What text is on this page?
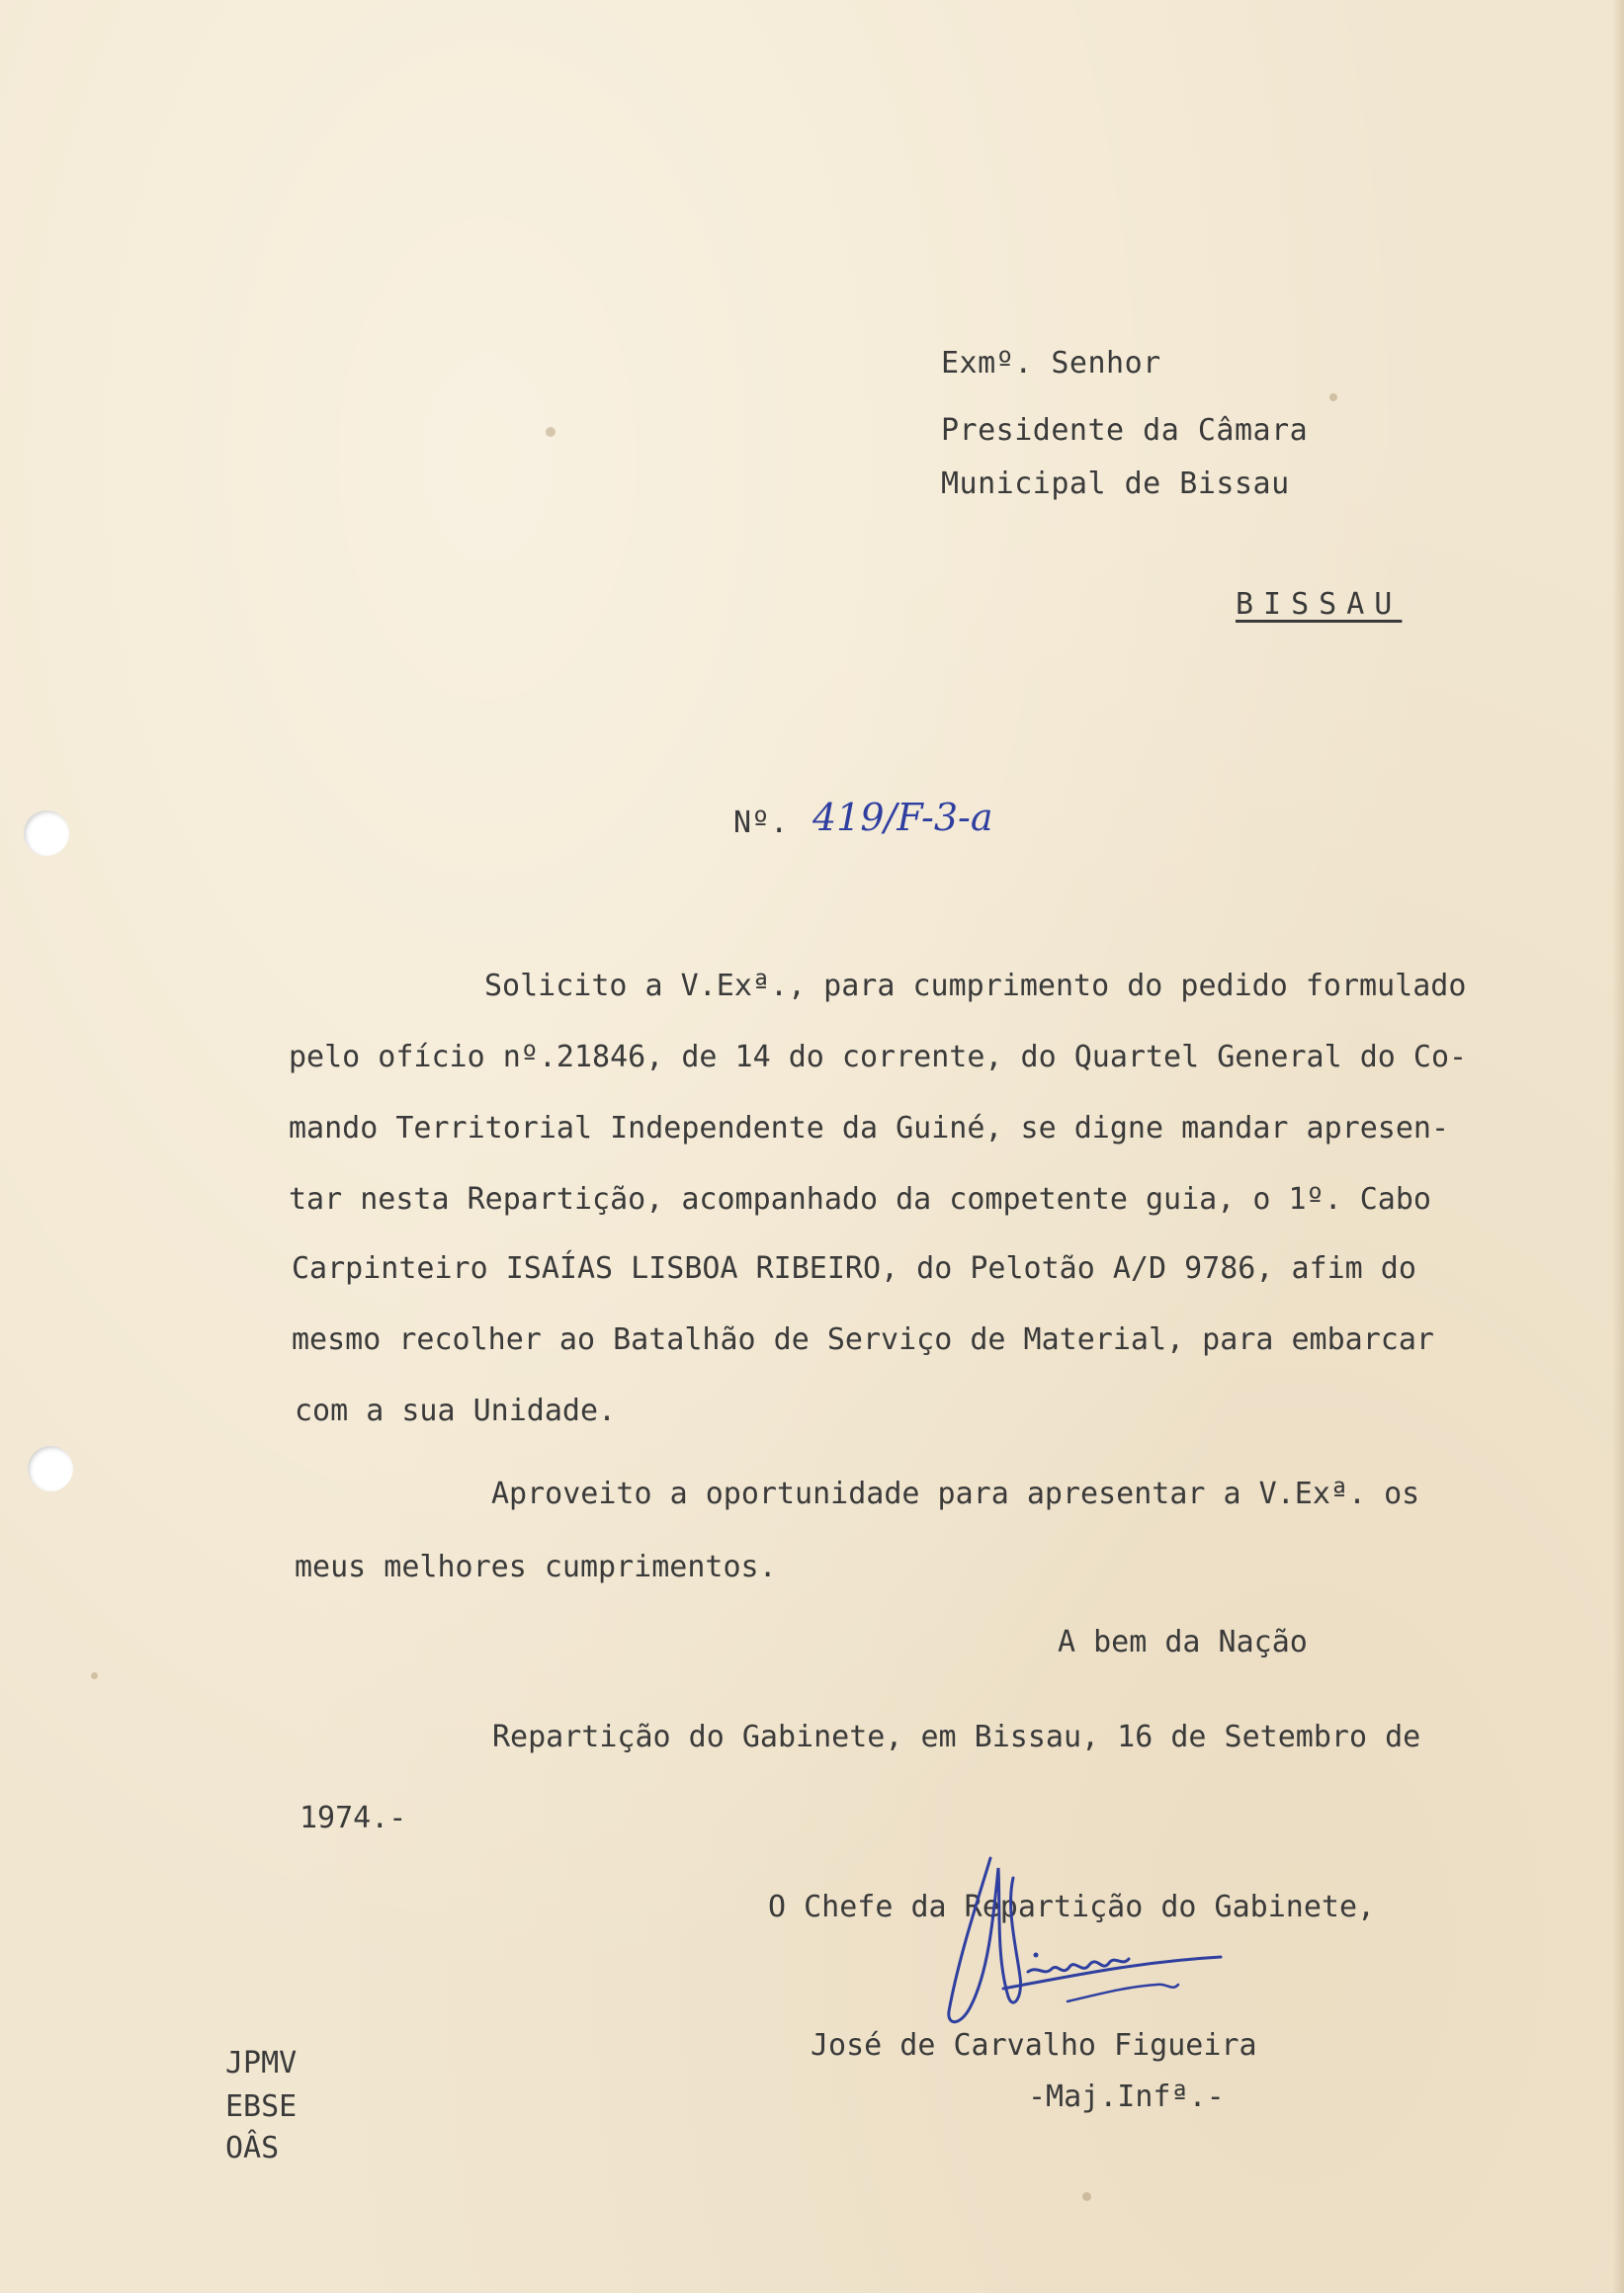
Exmº. Senhor
Presidente da Câmara
Municipal de Bissau
BISSAU
Nº. 419/F-3-a
Solicito a V.Exª., para cumprimento do pedido formulado
pelo ofício nº.21846, de 14 do corrente, do Quartel General do Co-
mando Territorial Independente da Guiné, se digne mandar apresen-
tar nesta Repartição, acompanhado da competente guia, o 1º. Cabo
Carpinteiro ISAÍAS LISBOA RIBEIRO, do Pelotão A/D 9786, afim do
mesmo recolher ao Batalhão de Serviço de Material, para embarcar
com a sua Unidade.
Aproveito a oportunidade para apresentar a V.Exª. os
meus melhores cumprimentos.
A bem da Nação
Repartição do Gabinete, em Bissau, 16 de Setembro de
1974.-
O Chefe da Repartição do Gabinete,
José de Carvalho Figueira
-Maj.Infª.-
JPMV
EBSE
OÂS
